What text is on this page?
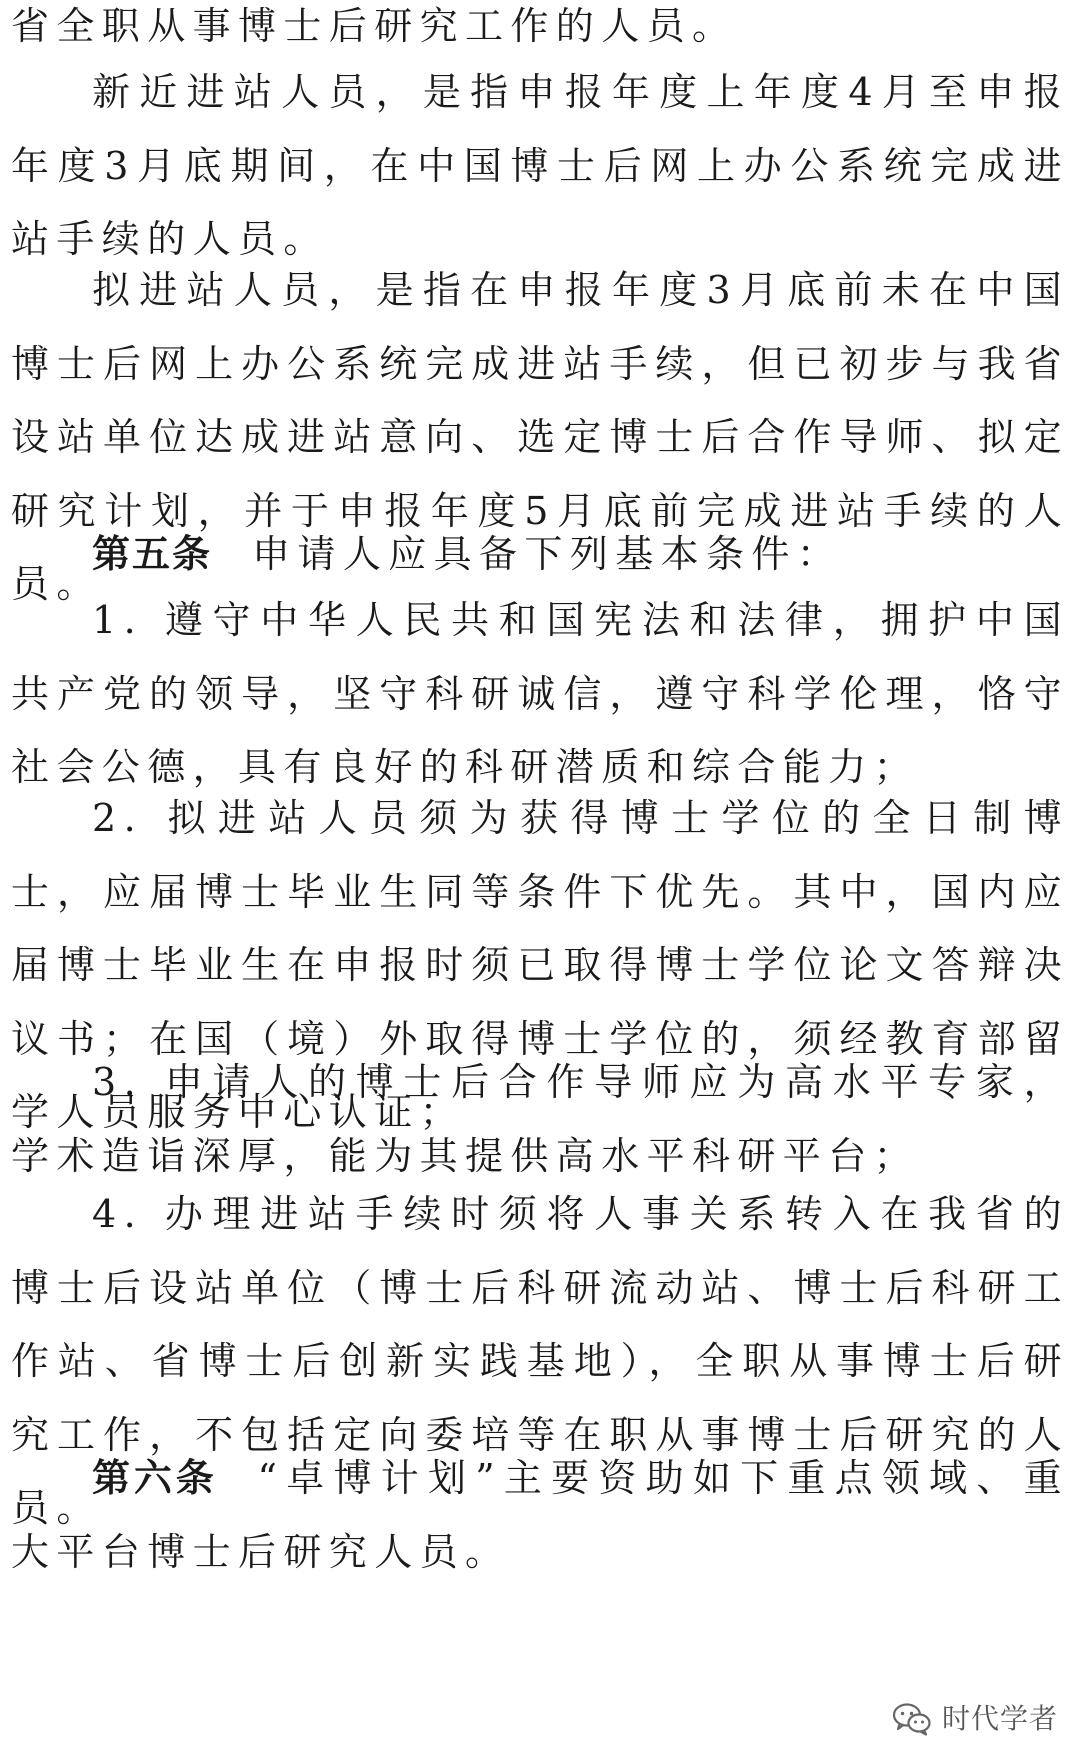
省全职从事博士后研究工作的人员。

新近进站人员，是指申报年度上年度4月至申报年度3月底期间，在中国博士后网上办公系统完成进站手续的人员。

拟进站人员，是指在申报年度3月底前未在中国博士后网上办公系统完成进站手续，但已初步与我省设站单位达成进站意向、选定博士后合作导师、拟定研究计划，并于申报年度5月底前完成进站手续的人员。

第五条 申请人应具备下列基本条件：

1. 遵守中华人民共和国宪法和法律，拥护中国共产党的领导，坚守科研诚信，遵守科学伦理，恪守社会公德，具有良好的科研潜质和综合能力；

2. 拟进站人员须为获得博士学位的全日制博士，应届博士毕业生同等条件下优先。其中，国内应届博士毕业生在申报时须已取得博士学位论文答辩决议书；在国（境）外取得博士学位的，须经教育部留学人员服务中心认证；

3. 申请人的博士后合作导师应为高水平专家，学术造诣深厚，能为其提供高水平科研平台；

4. 办理进站手续时须将人事关系转入在我省的博士后设站单位（博士后科研流动站、博士后科研工作站、省博士后创新实践基地），全职从事博士后研究工作，不包括定向委培等在职从事博士后研究的人员。

第六条 “卓博计划”主要资助如下重点领域、重大平台博士后研究人员。

时代学者
